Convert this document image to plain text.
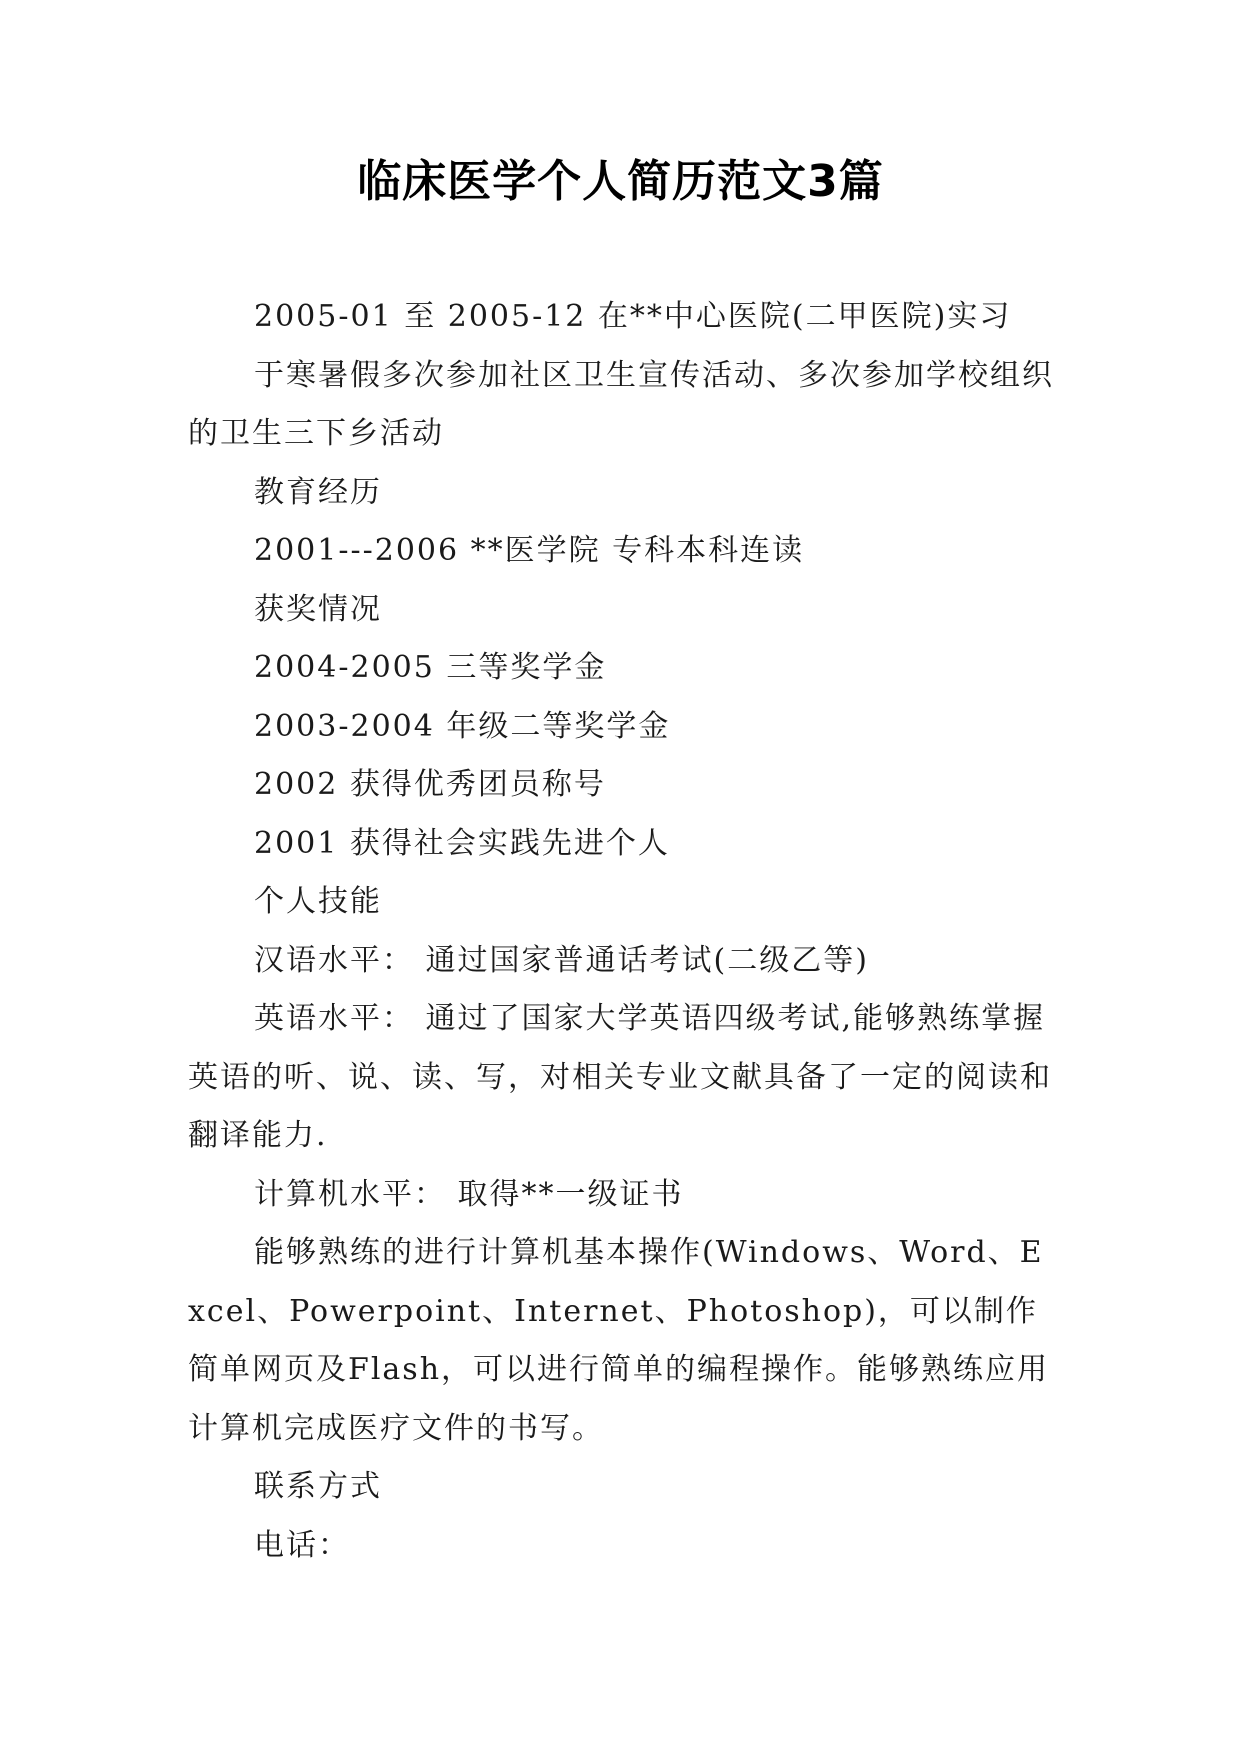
临床医学个人简历范文3篇

2005-01 至 2005-12 在**中心医院(二甲医院)实习

于寒暑假多次参加社区卫生宣传活动、多次参加学校组织的卫生三下乡活动

教育经历

2001---2006 **医学院 专科本科连读

获奖情况

2004-2005 三等奖学金

2003-2004 年级二等奖学金

2002 获得优秀团员称号

2001 获得社会实践先进个人

个人技能

汉语水平： 通过国家普通话考试(二级乙等)

英语水平： 通过了国家大学英语四级考试,能够熟练掌握英语的听、说、读、写，对相关专业文献具备了一定的阅读和翻译能力.

计算机水平： 取得**一级证书

能够熟练的进行计算机基本操作(Windows、Word、Excel、Powerpoint、Internet、Photoshop)，可以制作简单网页及Flash，可以进行简单的编程操作。能够熟练应用计算机完成医疗文件的书写。

联系方式

电话：
